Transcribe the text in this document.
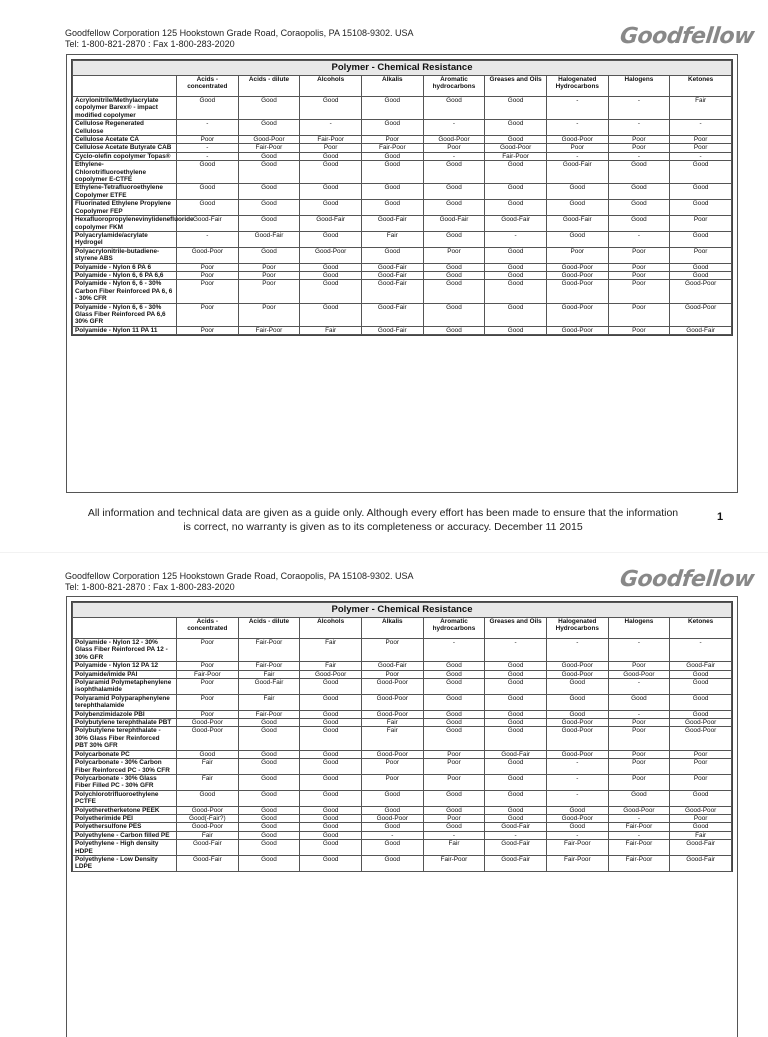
Goodfellow Corporation 125 Hookstown Grade Road, Coraopolis, PA 15108-9302. USA
Tel: 1-800-821-2870 : Fax 1-800-283-2020	Goodfellow
Polymer - Chemical Resistance									
	Acids - concentrated	Acids - dilute	Alcohols	Alkalis	Aromatic hydrocarbons	Greases and Oils	Halogenated Hydrocarbons	Halogens	Ketones
Acrylonitrile/Methylacrylate copolymer Barex® - impact modified copolymer	Good	Good	Good	Good	Good	Good	-	-	Fair
Cellulose Regenerated Cellulose	-	Good	-	Good	-	Good	-	-	-
Cellulose Acetate CA	Poor	Good-Poor	Fair-Poor	Poor	Good-Poor	Good	Good-Poor	Poor	Poor
Cellulose Acetate Butyrate CAB	-	Fair-Poor	Poor	Fair-Poor	Poor	Good-Poor	Poor	Poor	Poor
Cyclo-olefin copolymer Topas®	-	Good	Good	Good	-	Fair-Poor	-	-	-
Ethylene-Chlorotrifluoroethylene copolymer E-CTFE	Good	Good	Good	Good	Good	Good	Good-Fair	Good	Good
Ethylene-Tetrafluoroethylene Copolymer ETFE	Good	Good	Good	Good	Good	Good	Good	Good	Good
Fluorinated Ethylene Propylene Copolymer FEP	Good	Good	Good	Good	Good	Good	Good	Good	Good
Hexafluoropropylenevinylidenefluoride copolymer FKM	Good-Fair	Good	Good-Fair	Good-Fair	Good-Fair	Good-Fair	Good-Fair	Good	Poor
Polyacrylamide/acrylate Hydrogel	-	Good-Fair	Good	Fair	Good	-	Good	-	Good
Polyacrylonitrile-butadiene-styrene ABS	Good-Poor	Good	Good-Poor	Good	Poor	Good	Poor	Poor	Poor
Polyamide - Nylon 6 PA 6	Poor	Poor	Good	Good-Fair	Good	Good	Good-Poor	Poor	Good
Polyamide - Nylon 6, 6 PA 6,6	Poor	Poor	Good	Good-Fair	Good	Good	Good-Poor	Poor	Good
Polyamide - Nylon 6, 6 - 30% Carbon Fiber Reinforced PA 6, 6 - 30% CFR	Poor	Poor	Good	Good-Fair	Good	Good	Good-Poor	Poor	Good-Poor
Polyamide - Nylon 6, 6 - 30% Glass Fiber Reinforced PA 6,6 30% GFR	Poor	Poor	Good	Good-Fair	Good	Good	Good-Poor	Poor	Good-Poor
Polyamide - Nylon 11 PA 11	Poor	Fair-Poor	Fair	Good-Fair	Good	Good	Good-Poor	Poor	Good-Fair
All information and technical data are given as a guide only. Although every effort has been made to ensure that the information
is correct, no warranty is given as to its completeness or accuracy. December 11 2015
1
Goodfellow Corporation 125 Hookstown Grade Road, Coraopolis, PA 15108-9302. USA
Tel: 1-800-821-2870 : Fax 1-800-283-2020	Goodfellow
Polymer - Chemical Resistance									
	Acids - concentrated	Acids - dilute	Alcohols	Alkalis	Aromatic hydrocarbons	Greases and Oils	Halogenated Hydrocarbons	Halogens	Ketones
Polyamide - Nylon 12 - 30% Glass Fiber Reinforced PA 12 - 30% GFR	Poor	Fair-Poor	Fair	Poor	-	-	-	-	-
Polyamide - Nylon 12 PA 12	Poor	Fair-Poor	Fair	Good-Fair	Good	Good	Good-Poor	Poor	Good-Fair
Polyamide/imide PAI	Fair-Poor	Fair	Good-Poor	Poor	Good	Good	Good-Poor	Good-Poor	Good
Polyaramid Polymetaphenylene isophthalamide	Poor	Good-Fair	Good	Good-Poor	Good	Good	Good	-	Good
Polyaramid Polyparaphenylene terephthalamide	Poor	Fair	Good	Good-Poor	Good	Good	Good	Good	Good
Polybenzimidazole PBI	Poor	Fair-Poor	Good	Good-Poor	Good	Good	Good	-	Good
Polybutylene terephthalate PBT	Good-Poor	Good	Good	Fair	Good	Good	Good-Poor	Poor	Good-Poor
Polybutylene terephthalate - 30% Glass Fiber Reinforced PBT 30% GFR	Good-Poor	Good	Good	Fair	Good	Good	Good-Poor	Poor	Good-Poor
Polycarbonate PC	Good	Good	Good	Good-Poor	Poor	Good-Fair	Good-Poor	Poor	Poor
Polycarbonate - 30% Carbon Fiber Reinforced PC - 30% CFR	Fair	Good	Good	Poor	Poor	Good	-	Poor	Poor
Polycarbonate - 30% Glass Fiber Filled PC - 30% GFR	Fair	Good	Good	Poor	Poor	Good	-	Poor	Poor
Polychlorotrifluoroethylene PCTFE	Good	Good	Good	Good	Good	Good	-	Good	Good
Polyetheretherketone PEEK	Good-Poor	Good	Good	Good	Good	Good	Good	Good-Poor	Good-Poor
Polyetherimide PEI	Good(-Fair?)	Good	Good	Good-Poor	Poor	Good	Good-Poor	-	Poor
Polyethersulfone PES	Good-Poor	Good	Good	Good	Good	Good-Fair	Good	Fair-Poor	Good
Polyethylene - Carbon filled PE	Fair	Good	Good	-	-	-	-	-	Fair
Polyethylene - High density HDPE	Good-Fair	Good	Good	Good	Fair	Good-Fair	Fair-Poor	Fair-Poor	Good-Fair
Polyethylene - Low Density LDPE	Good-Fair	Good	Good	Good	Fair-Poor	Good-Fair	Fair-Poor	Fair-Poor	Good-Fair
